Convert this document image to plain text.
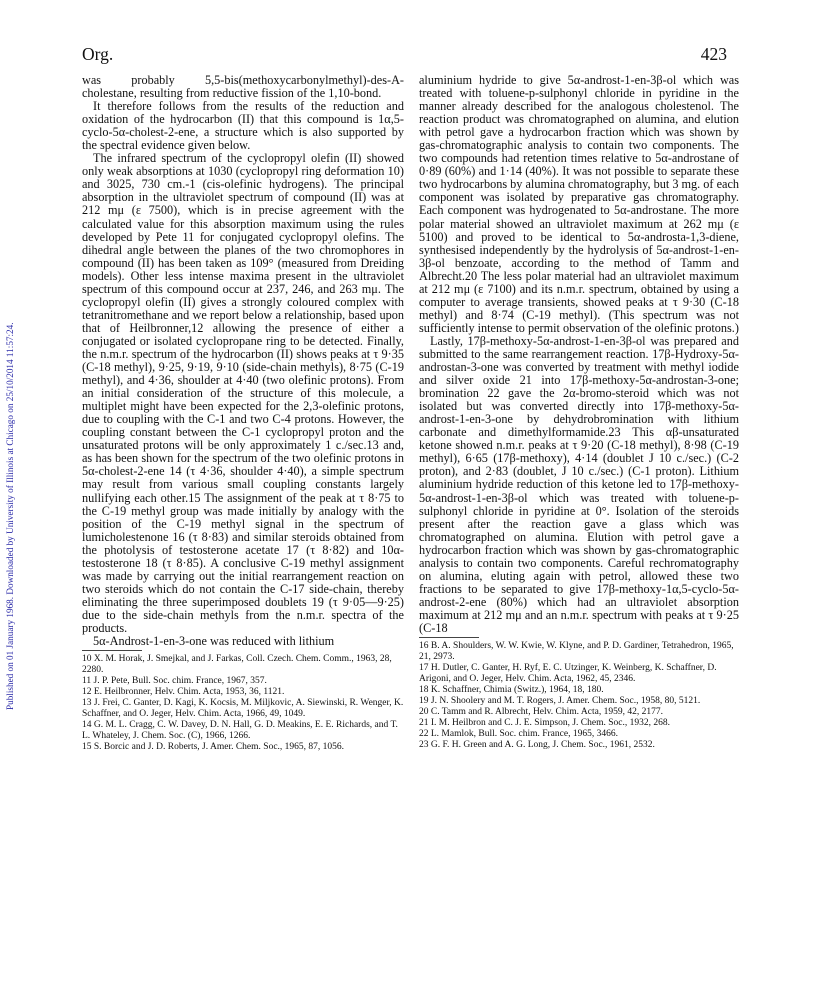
Published on 01 January 1968. Downloaded by University of Illinois at Chicago on 25/10/2014 11:57:24.
Org.	423

was probably 5,5-bis(methoxycarbonylmethyl)-des-A-cholestane, resulting from reductive fission of the 1,10-bond.

It therefore follows from the results of the reduction and oxidation of the hydrocarbon (II) that this compound is 1α,5-cyclo-5α-cholest-2-ene, a structure which is also supported by the spectral evidence given below.

The infrared spectrum of the cyclopropyl olefin (II) showed only weak absorptions at 1030 (cyclopropyl ring deformation 10) and 3025, 730 cm.-1 (cis-olefinic hydrogens). The principal absorption in the ultraviolet spectrum of compound (II) was at 212 mμ (ε 7500), which is in precise agreement with the calculated value for this absorption maximum using the rules developed by Pete 11 for conjugated cyclopropyl olefins. The dihedral angle between the planes of the two chromophores in compound (II) has been taken as 109° (measured from Dreiding models). Other less intense maxima present in the ultraviolet spectrum of this compound occur at 237, 246, and 263 mμ. The cyclopropyl olefin (II) gives a strongly coloured complex with tetranitromethane and we report below a relationship, based upon that of Heilbronner,12 allowing the presence of either a conjugated or isolated cyclopropane ring to be detected. Finally, the n.m.r. spectrum of the hydrocarbon (II) shows peaks at τ 9·35 (C-18 methyl), 9·25, 9·19, 9·10 (side-chain methyls), 8·75 (C-19 methyl), and 4·36, shoulder at 4·40 (two olefinic protons). From an initial consideration of the structure of this molecule, a multiplet might have been expected for the 2,3-olefinic protons, due to coupling with the C-1 and two C-4 protons. However, the coupling constant between the C-1 cyclopropyl proton and the unsaturated protons will be only approximately 1 c./sec.13 and, as has been shown for the spectrum of the two olefinic protons in 5α-cholest-2-ene 14 (τ 4·36, shoulder 4·40), a simple spectrum may result from various small coupling constants largely nullifying each other.15 The assignment of the peak at τ 8·75 to the C-19 methyl group was made initially by analogy with the position of the C-19 methyl signal in the spectrum of lumicholestenone 16 (τ 8·83) and similar steroids obtained from the photolysis of testosterone acetate 17 (τ 8·82) and 10α-testosterone 18 (τ 8·85). A conclusive C-19 methyl assignment was made by carrying out the initial rearrangement reaction on two steroids which do not contain the C-17 side-chain, thereby eliminating the three superimposed doublets 19 (τ 9·05—9·25) due to the side-chain methyls from the n.m.r. spectra of the products.

5α-Androst-1-en-3-one was reduced with lithium

10 X. M. Horak, J. Smejkal, and J. Farkas, Coll. Czech. Chem. Comm., 1963, 28, 2280.
11 J. P. Pete, Bull. Soc. chim. France, 1967, 357.
12 E. Heilbronner, Helv. Chim. Acta, 1953, 36, 1121.
13 J. Frei, C. Ganter, D. Kagi, K. Kocsis, M. Miljkovic, A. Siewinski, R. Wenger, K. Schaffner, and O. Jeger, Helv. Chim. Acta, 1966, 49, 1049.
14 G. M. L. Cragg, C. W. Davey, D. N. Hall, G. D. Meakins, E. E. Richards, and T. L. Whateley, J. Chem. Soc. (C), 1966, 1266.
15 S. Borcic and J. D. Roberts, J. Amer. Chem. Soc., 1965, 87, 1056.

aluminium hydride to give 5α-androst-1-en-3β-ol which was treated with toluene-p-sulphonyl chloride in pyridine in the manner already described for the analogous cholestenol. The reaction product was chromatographed on alumina, and elution with petrol gave a hydrocarbon fraction which was shown by gas-chromatographic analysis to contain two components. The two compounds had retention times relative to 5α-androstane of 0·89 (60%) and 1·14 (40%). It was not possible to separate these two hydrocarbons by alumina chromatography, but 3 mg. of each component was isolated by preparative gas chromatography. Each component was hydrogenated to 5α-androstane. The more polar material showed an ultraviolet maximum at 262 mμ (ε 5100) and proved to be identical to 5α-androsta-1,3-diene, synthesised independently by the hydrolysis of 5α-androst-1-en-3β-ol benzoate, according to the method of Tamm and Albrecht.20 The less polar material had an ultraviolet maximum at 212 mμ (ε 7100) and its n.m.r. spectrum, obtained by using a computer to average transients, showed peaks at τ 9·30 (C-18 methyl) and 8·74 (C-19 methyl). (This spectrum was not sufficiently intense to permit observation of the olefinic protons.)

Lastly, 17β-methoxy-5α-androst-1-en-3β-ol was prepared and submitted to the same rearrangement reaction. 17β-Hydroxy-5α-androstan-3-one was converted by treatment with methyl iodide and silver oxide 21 into 17β-methoxy-5α-androstan-3-one; bromination 22 gave the 2α-bromo-steroid which was not isolated but was converted directly into 17β-methoxy-5α-androst-1-en-3-one by dehydrobromination with lithium carbonate and dimethylformamide.23 This αβ-unsaturated ketone showed n.m.r. peaks at τ 9·20 (C-18 methyl), 8·98 (C-19 methyl), 6·65 (17β-methoxy), 4·14 (doublet J 10 c./sec.) (C-2 proton), and 2·83 (doublet, J 10 c./sec.) (C-1 proton). Lithium aluminium hydride reduction of this ketone led to 17β-methoxy-5α-androst-1-en-3β-ol which was treated with toluene-p-sulphonyl chloride in pyridine at 0°. Isolation of the steroids present after the reaction gave a glass which was chromatographed on alumina. Elution with petrol gave a hydrocarbon fraction which was shown by gas-chromatographic analysis to contain two components. Careful rechromatography on alumina, eluting again with petrol, allowed these two fractions to be separated to give 17β-methoxy-1α,5-cyclo-5α-androst-2-ene (80%) which had an ultraviolet absorption maximum at 212 mμ and an n.m.r. spectrum with peaks at τ 9·25 (C-18

16 B. A. Shoulders, W. W. Kwie, W. Klyne, and P. D. Gardiner, Tetrahedron, 1965, 21, 2973.
17 H. Dutler, C. Ganter, H. Ryf, E. C. Utzinger, K. Weinberg, K. Schaffner, D. Arigoni, and O. Jeger, Helv. Chim. Acta, 1962, 45, 2346.
18 K. Schaffner, Chimia (Switz.), 1964, 18, 180.
19 J. N. Shoolery and M. T. Rogers, J. Amer. Chem. Soc., 1958, 80, 5121.
20 C. Tamm and R. Albrecht, Helv. Chim. Acta, 1959, 42, 2177.
21 I. M. Heilbron and C. J. E. Simpson, J. Chem. Soc., 1932, 268.
22 L. Mamlok, Bull. Soc. chim. France, 1965, 3466.
23 G. F. H. Green and A. G. Long, J. Chem. Soc., 1961, 2532.
